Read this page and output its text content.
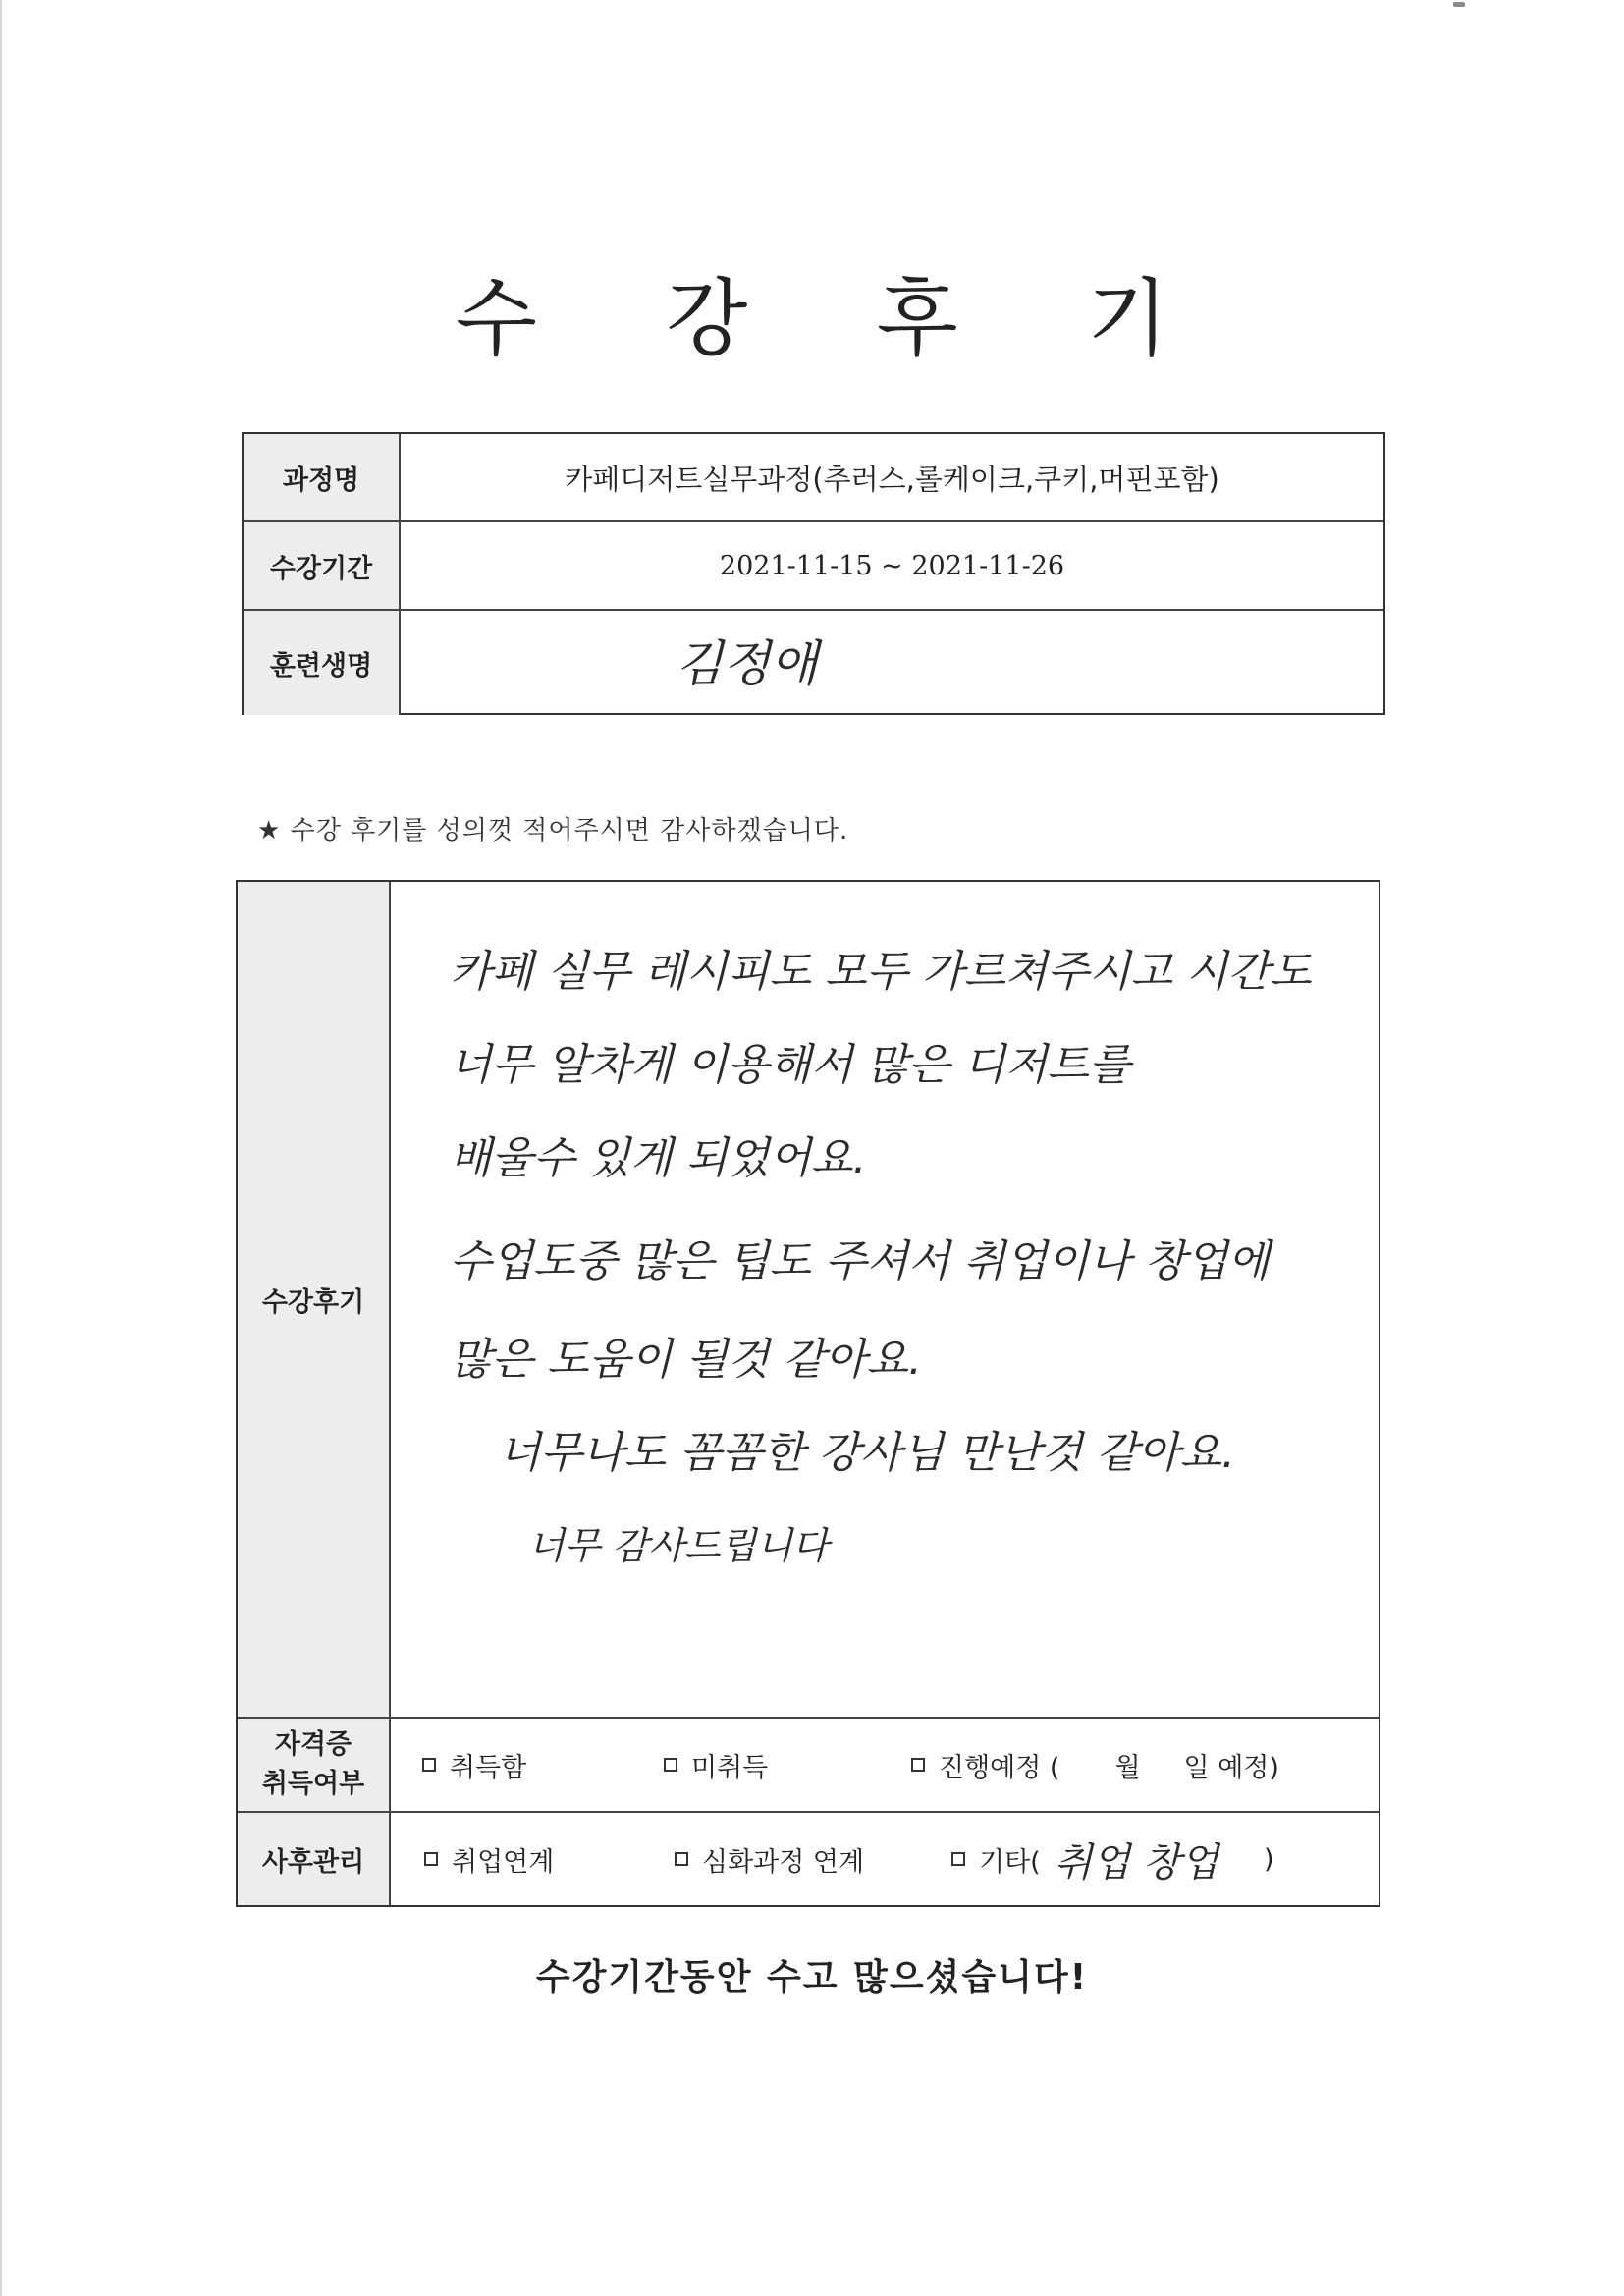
수 강 후 기
과정명	카페디저트실무과정(추러스,롤케이크,쿠키,머핀포함)
수강기간	2021-11-15 ~ 2021-11-26
훈련생명	김정애
★ 수강 후기를 성의껏 적어주시면 감사하겠습니다.
수강후기
카페 실무 레시피도 모두 가르쳐주시고 시간도
너무 알차게 이용해서 많은 디저트를
배울수 있게 되었어요.
수업도중 많은 팁도 주셔서 취업이나 창업에
많은 도움이 될것 같아요.
너무나도 꼼꼼한 강사님 만난것 같아요.
너무 감사드립니다
자격증
취득여부
취득함	미취득	진행예정 ( 월 일 예정)
사후관리	취업연계	심화과정 연계	기타( 취업 창업 )
수강기간동안 수고 많으셨습니다!
